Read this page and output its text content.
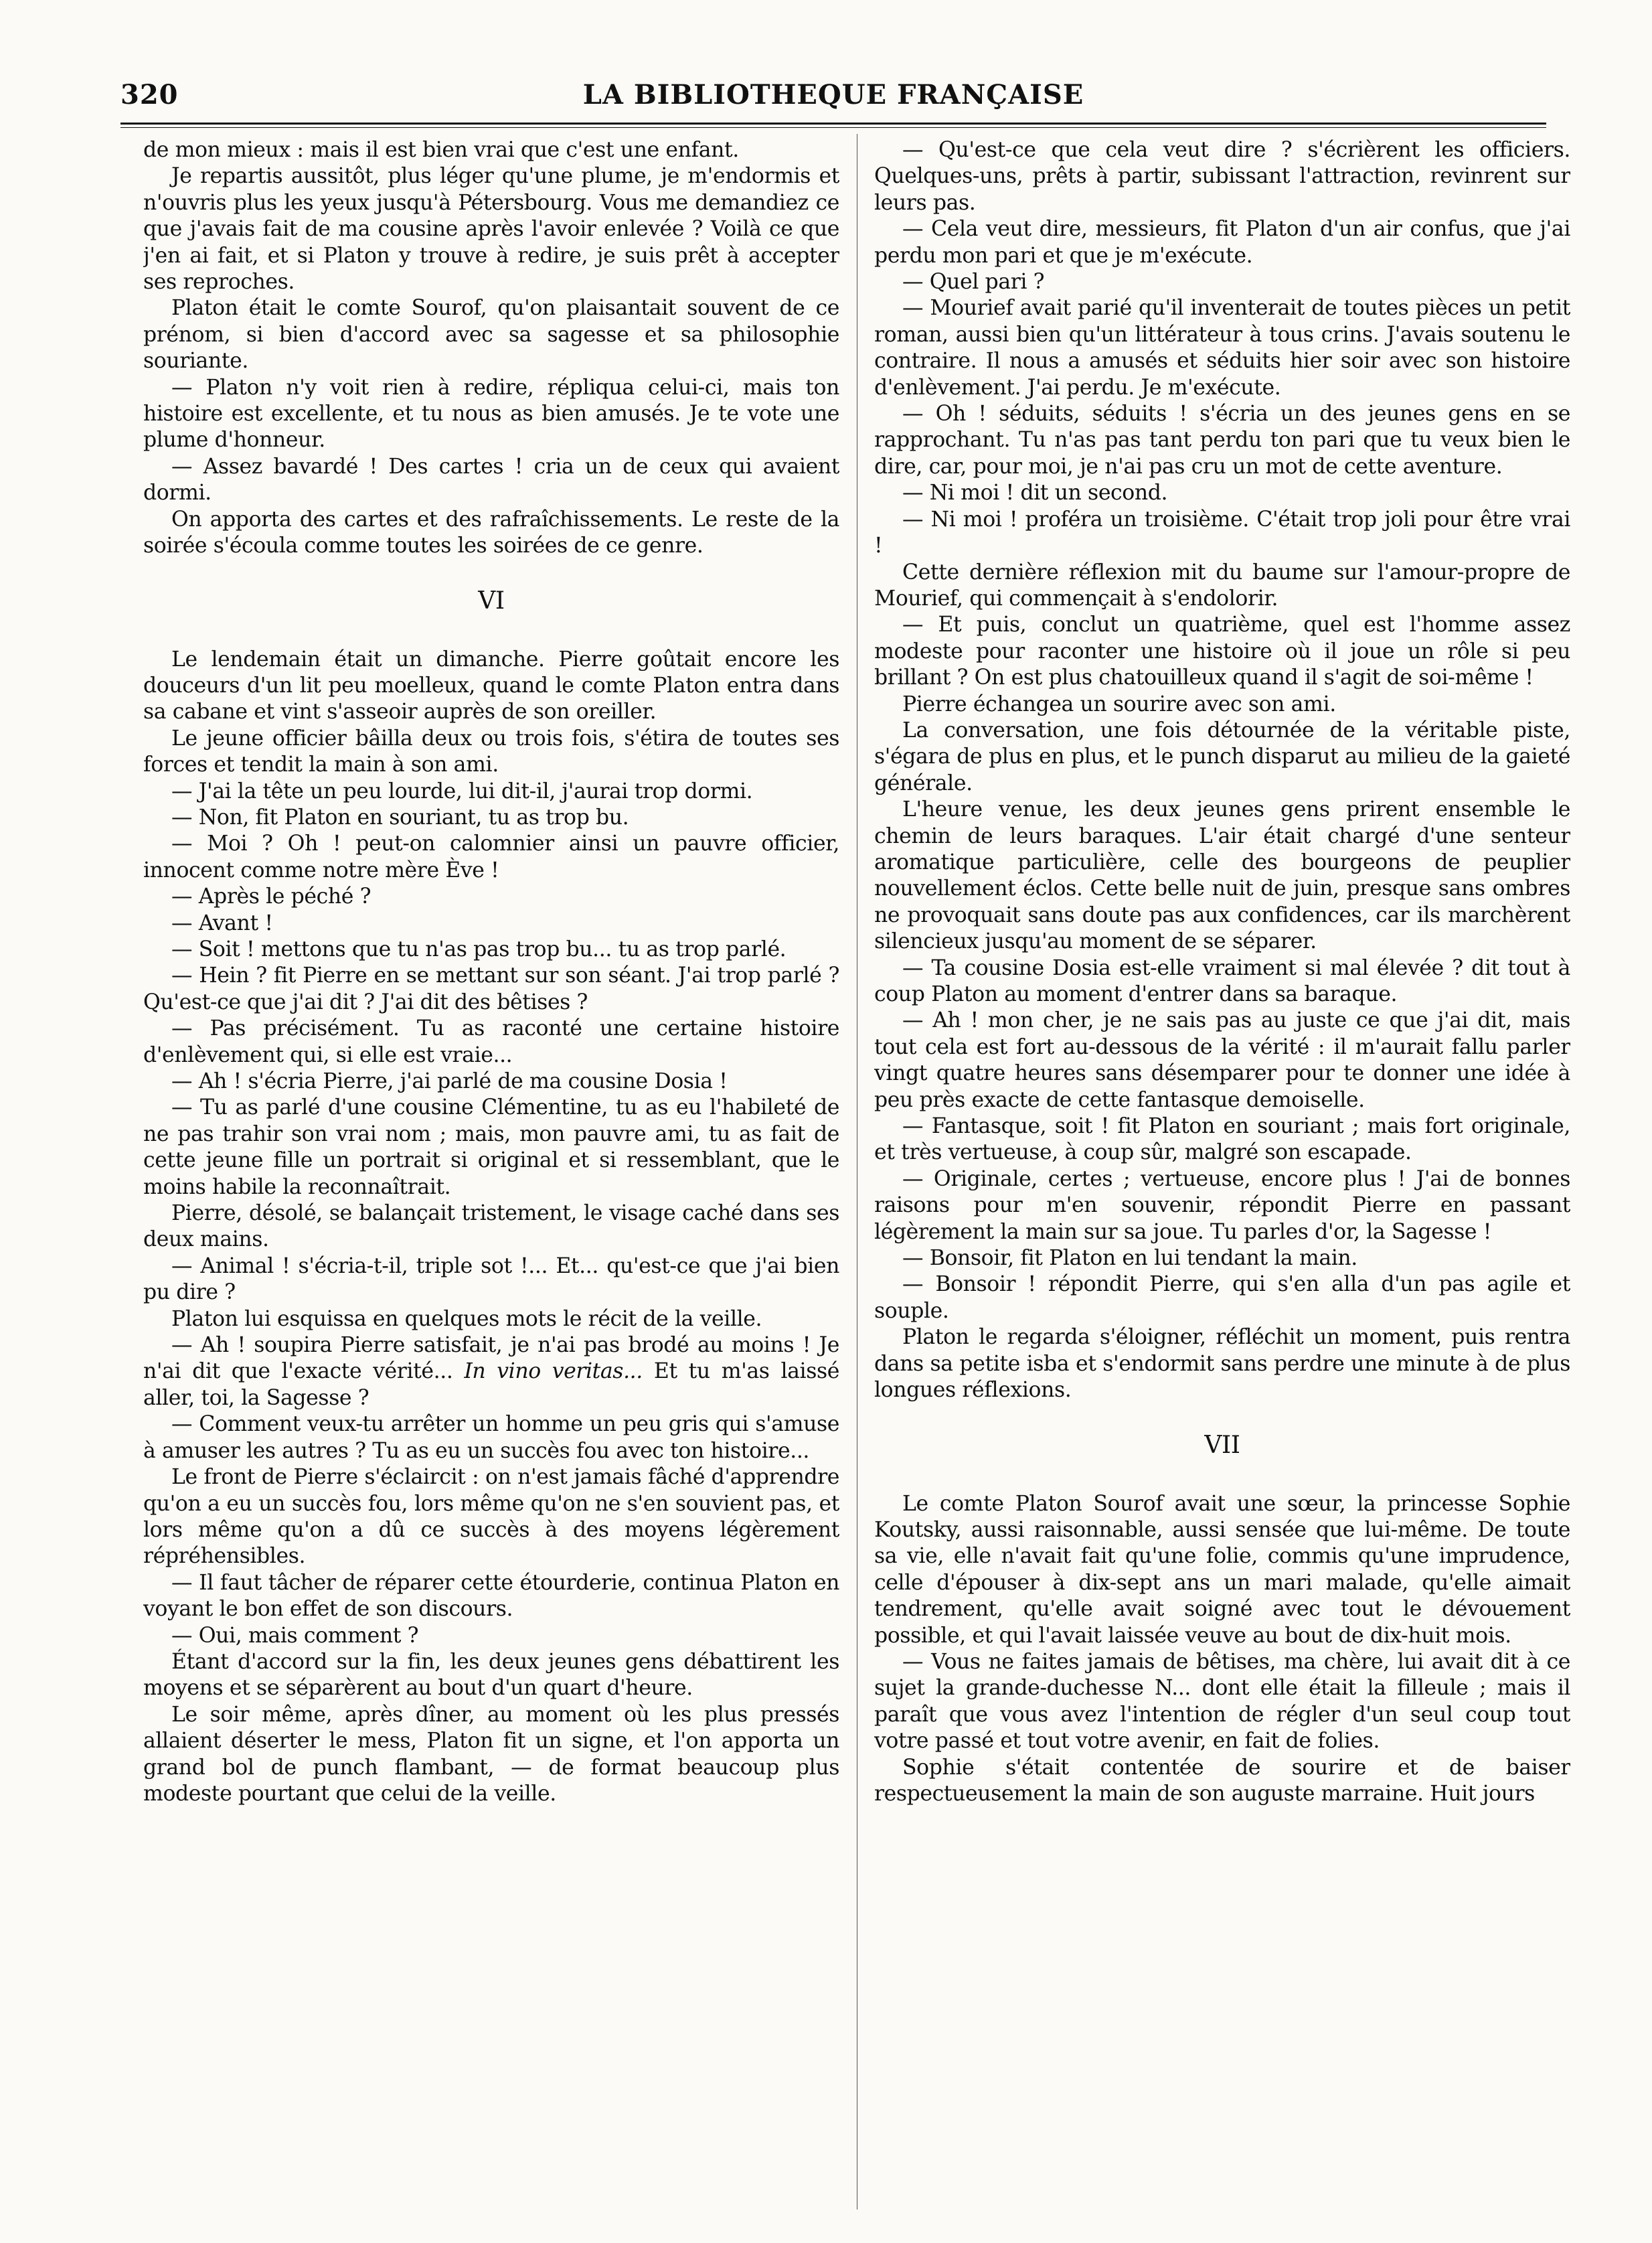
320	LA BIBLIOTHEQUE FRANÇAISE

de mon mieux : mais il est bien vrai que c'est une enfant.

Je repartis aussitôt, plus léger qu'une plume, je m'endormis et n'ouvris plus les yeux jusqu'à Pétersbourg. Vous me demandiez ce que j'avais fait de ma cousine après l'avoir enlevée ? Voilà ce que j'en ai fait, et si Platon y trouve à redire, je suis prêt à accepter ses reproches.

Platon était le comte Sourof, qu'on plaisantait souvent de ce prénom, si bien d'accord avec sa sagesse et sa philosophie souriante.

— Platon n'y voit rien à redire, répliqua celui-ci, mais ton histoire est excellente, et tu nous as bien amusés. Je te vote une plume d'honneur.

— Assez bavardé ! Des cartes ! cria un de ceux qui avaient dormi.

On apporta des cartes et des rafraîchissements. Le reste de la soirée s'écoula comme toutes les soirées de ce genre.

VI

Le lendemain était un dimanche. Pierre goûtait encore les douceurs d'un lit peu moelleux, quand le comte Platon entra dans sa cabane et vint s'asseoir auprès de son oreiller.

Le jeune officier bâilla deux ou trois fois, s'étira de toutes ses forces et tendit la main à son ami.

— J'ai la tête un peu lourde, lui dit-il, j'aurai trop dormi.

— Non, fit Platon en souriant, tu as trop bu.

— Moi ? Oh ! peut-on calomnier ainsi un pauvre officier, innocent comme notre mère Ève !

— Après le péché ?

— Avant !

— Soit ! mettons que tu n'as pas trop bu... tu as trop parlé.

— Hein ? fit Pierre en se mettant sur son séant. J'ai trop parlé ? Qu'est-ce que j'ai dit ? J'ai dit des bêtises ?

— Pas précisément. Tu as raconté une certaine histoire d'enlèvement qui, si elle est vraie...

— Ah ! s'écria Pierre, j'ai parlé de ma cousine Dosia !

— Tu as parlé d'une cousine Clémentine, tu as eu l'habileté de ne pas trahir son vrai nom ; mais, mon pauvre ami, tu as fait de cette jeune fille un portrait si original et si ressemblant, que le moins habile la reconnaîtrait.

Pierre, désolé, se balançait tristement, le visage caché dans ses deux mains.

— Animal ! s'écria-t-il, triple sot !... Et... qu'est-ce que j'ai bien pu dire ?

Platon lui esquissa en quelques mots le récit de la veille.

— Ah ! soupira Pierre satisfait, je n'ai pas brodé au moins ! Je n'ai dit que l'exacte vérité... In vino veritas... Et tu m'as laissé aller, toi, la Sagesse ?

— Comment veux-tu arrêter un homme un peu gris qui s'amuse à amuser les autres ? Tu as eu un succès fou avec ton histoire...

Le front de Pierre s'éclaircit : on n'est jamais fâché d'apprendre qu'on a eu un succès fou, lors même qu'on ne s'en souvient pas, et lors même qu'on a dû ce succès à des moyens légèrement répréhensibles.

— Il faut tâcher de réparer cette étourderie, continua Platon en voyant le bon effet de son discours.

— Oui, mais comment ?

Étant d'accord sur la fin, les deux jeunes gens débattirent les moyens et se séparèrent au bout d'un quart d'heure.

Le soir même, après dîner, au moment où les plus pressés allaient déserter le mess, Platon fit un signe, et l'on apporta un grand bol de punch flambant, — de format beaucoup plus modeste pourtant que celui de la veille.

— Qu'est-ce que cela veut dire ? s'écrièrent les officiers. Quelques-uns, prêts à partir, subissant l'attraction, revinrent sur leurs pas.

— Cela veut dire, messieurs, fit Platon d'un air confus, que j'ai perdu mon pari et que je m'exécute.

— Quel pari ?

— Mourief avait parié qu'il inventerait de toutes pièces un petit roman, aussi bien qu'un littérateur à tous crins. J'avais soutenu le contraire. Il nous a amusés et séduits hier soir avec son histoire d'enlèvement. J'ai perdu. Je m'exécute.

— Oh ! séduits, séduits ! s'écria un des jeunes gens en se rapprochant. Tu n'as pas tant perdu ton pari que tu veux bien le dire, car, pour moi, je n'ai pas cru un mot de cette aventure.

— Ni moi ! dit un second.

— Ni moi ! proféra un troisième. C'était trop joli pour être vrai !

Cette dernière réflexion mit du baume sur l'amour-propre de Mourief, qui commençait à s'endolorir.

— Et puis, conclut un quatrième, quel est l'homme assez modeste pour raconter une histoire où il joue un rôle si peu brillant ? On est plus chatouilleux quand il s'agit de soi-même !

Pierre échangea un sourire avec son ami.

La conversation, une fois détournée de la véritable piste, s'égara de plus en plus, et le punch disparut au milieu de la gaieté générale.

L'heure venue, les deux jeunes gens prirent ensemble le chemin de leurs baraques. L'air était chargé d'une senteur aromatique particulière, celle des bourgeons de peuplier nouvellement éclos. Cette belle nuit de juin, presque sans ombres ne provoquait sans doute pas aux confidences, car ils marchèrent silencieux jusqu'au moment de se séparer.

— Ta cousine Dosia est-elle vraiment si mal élevée ? dit tout à coup Platon au moment d'entrer dans sa baraque.

— Ah ! mon cher, je ne sais pas au juste ce que j'ai dit, mais tout cela est fort au-dessous de la vérité : il m'aurait fallu parler vingt quatre heures sans désemparer pour te donner une idée à peu près exacte de cette fantasque demoiselle.

— Fantasque, soit ! fit Platon en souriant ; mais fort originale, et très vertueuse, à coup sûr, malgré son escapade.

— Originale, certes ; vertueuse, encore plus ! J'ai de bonnes raisons pour m'en souvenir, répondit Pierre en passant légèrement la main sur sa joue. Tu parles d'or, la Sagesse !

— Bonsoir, fit Platon en lui tendant la main.

— Bonsoir ! répondit Pierre, qui s'en alla d'un pas agile et souple.

Platon le regarda s'éloigner, réfléchit un moment, puis rentra dans sa petite isba et s'endormit sans perdre une minute à de plus longues réflexions.

VII

Le comte Platon Sourof avait une sœur, la princesse Sophie Koutsky, aussi raisonnable, aussi sensée que lui-même. De toute sa vie, elle n'avait fait qu'une folie, commis qu'une imprudence, celle d'épouser à dix-sept ans un mari malade, qu'elle aimait tendrement, qu'elle avait soigné avec tout le dévouement possible, et qui l'avait laissée veuve au bout de dix-huit mois.

— Vous ne faites jamais de bêtises, ma chère, lui avait dit à ce sujet la grande-duchesse N... dont elle était la filleule ; mais il paraît que vous avez l'intention de régler d'un seul coup tout votre passé et tout votre avenir, en fait de folies.

Sophie s'était contentée de sourire et de baiser respectueusement la main de son auguste marraine. Huit jours
